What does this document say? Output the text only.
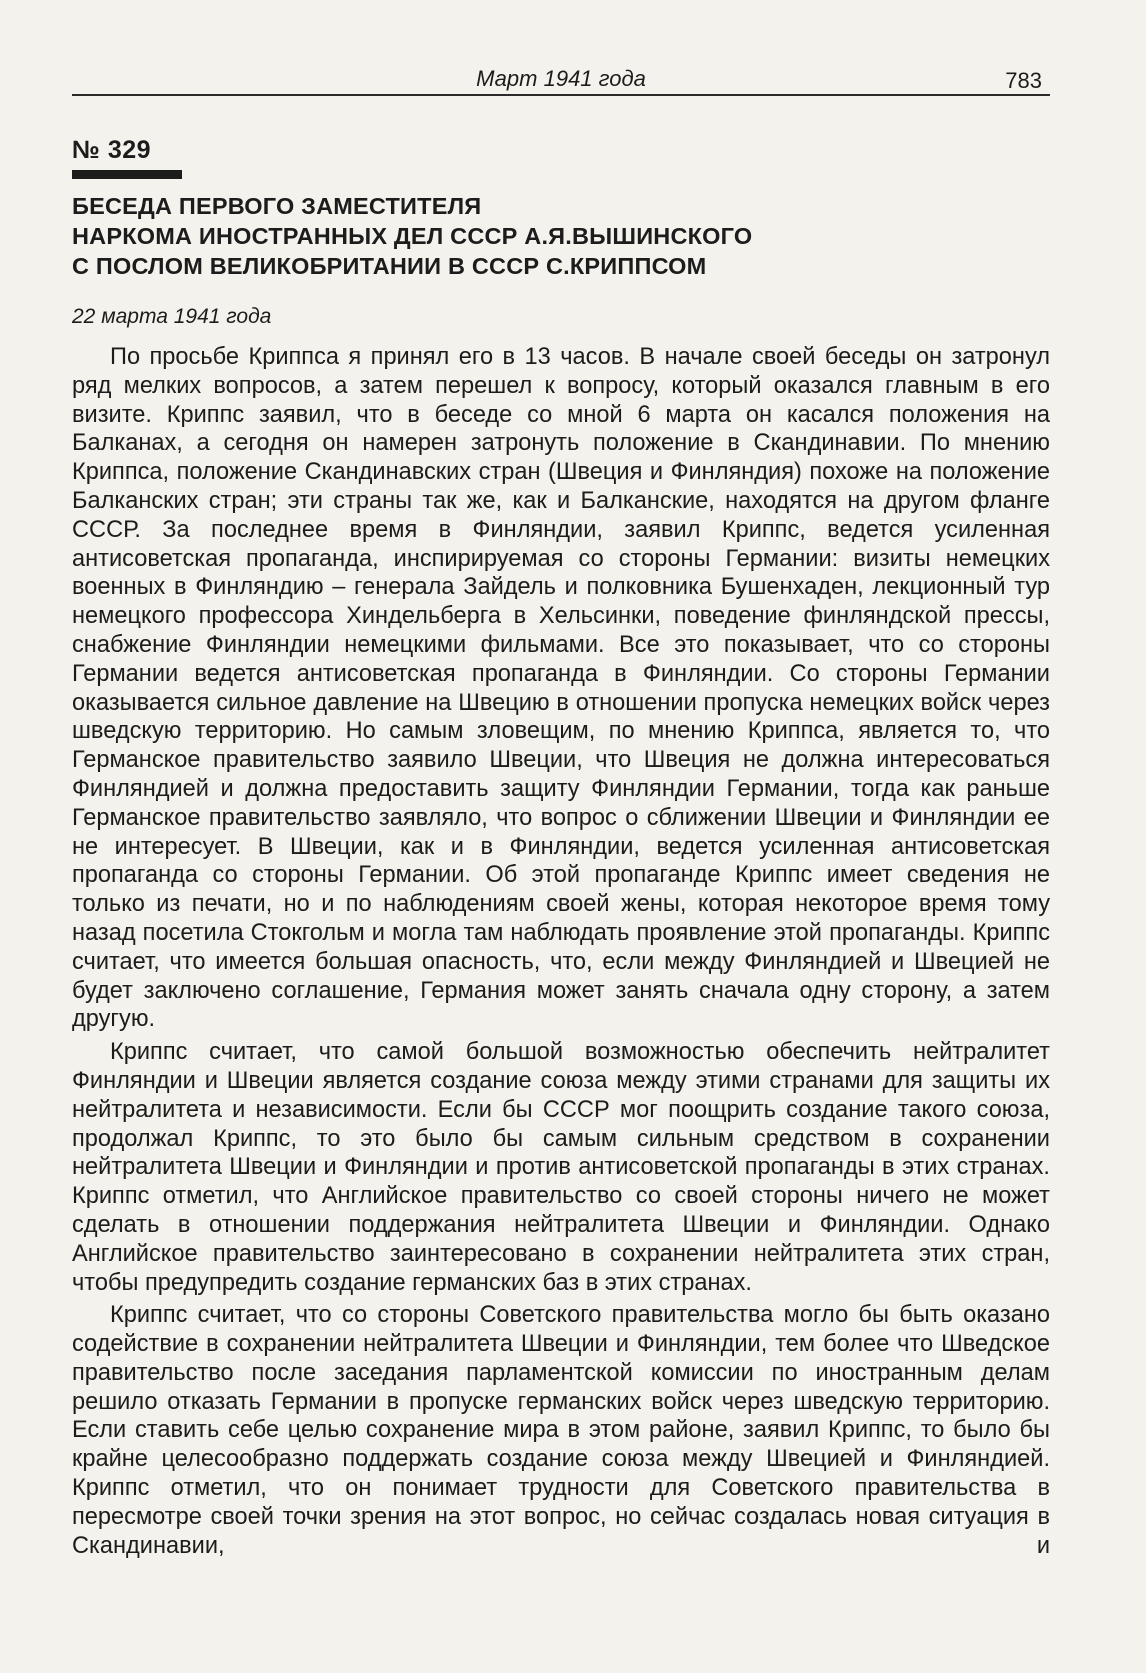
Март 1941 года	783
№ 329
БЕСЕДА ПЕРВОГО ЗАМЕСТИТЕЛЯ
НАРКОМА ИНОСТРАННЫХ ДЕЛ СССР А.Я.ВЫШИНСКОГО
С ПОСЛОМ ВЕЛИКОБРИТАНИИ В СССР С.КРИППСОМ
22 марта 1941 года

По просьбе Криппса я принял его в 13 часов. В начале своей беседы он затронул ряд мелких вопросов, а затем перешел к вопросу, который оказался главным в его визите. Криппс заявил, что в беседе со мной 6 марта он касался положения на Балканах, а сегодня он намерен затронуть положение в Скандинавии. По мнению Криппса, положение Скандинавских стран (Швеция и Финляндия) похоже на положение Балканских стран; эти страны так же, как и Балканские, находятся на другом фланге СССР. За последнее время в Финляндии, заявил Криппс, ведется усиленная антисоветская пропаганда, инспирируемая со стороны Германии: визиты немецких военных в Финляндию – генерала Зайдель и полковника Бушенхаден, лекционный тур немецкого профессора Хиндельберга в Хельсинки, поведение финляндской прессы, снабжение Финляндии немецкими фильмами. Все это показывает, что со стороны Германии ведется антисоветская пропаганда в Финляндии. Со стороны Германии оказывается сильное давление на Швецию в отношении пропуска немецких войск через шведскую территорию. Но самым зловещим, по мнению Криппса, является то, что Германское правительство заявило Швеции, что Швеция не должна интересоваться Финляндией и должна предоставить защиту Финляндии Германии, тогда как раньше Германское правительство заявляло, что вопрос о сближении Швеции и Финляндии ее не интересует. В Швеции, как и в Финляндии, ведется усиленная антисоветская пропаганда со стороны Германии. Об этой пропаганде Криппс имеет сведения не только из печати, но и по наблюдениям своей жены, которая некоторое время тому назад посетила Стокгольм и могла там наблюдать проявление этой пропаганды. Криппс считает, что имеется большая опасность, что, если между Финляндией и Швецией не будет заключено соглашение, Германия может занять сначала одну сторону, а затем другую.

Криппс считает, что самой большой возможностью обеспечить нейтралитет Финляндии и Швеции является создание союза между этими странами для защиты их нейтралитета и независимости. Если бы СССР мог поощрить создание такого союза, продолжал Криппс, то это было бы самым сильным средством в сохранении нейтралитета Швеции и Финляндии и против антисоветской пропаганды в этих странах. Криппс отметил, что Английское правительство со своей стороны ничего не может сделать в отношении поддержания нейтралитета Швеции и Финляндии. Однако Английское правительство заинтересовано в сохранении нейтралитета этих стран, чтобы предупредить создание германских баз в этих странах.

Криппс считает, что со стороны Советского правительства могло бы быть оказано содействие в сохранении нейтралитета Швеции и Финляндии, тем более что Шведское правительство после заседания парламентской комиссии по иностранным делам решило отказать Германии в пропуске германских войск через шведскую территорию. Если ставить себе целью сохранение мира в этом районе, заявил Криппс, то было бы крайне целесообразно поддержать создание союза между Швецией и Финляндией. Криппс отметил, что он понимает трудности для Советского правительства в пересмотре своей точки зрения на этот вопрос, но сейчас создалась новая ситуация в Скандинавии, и
